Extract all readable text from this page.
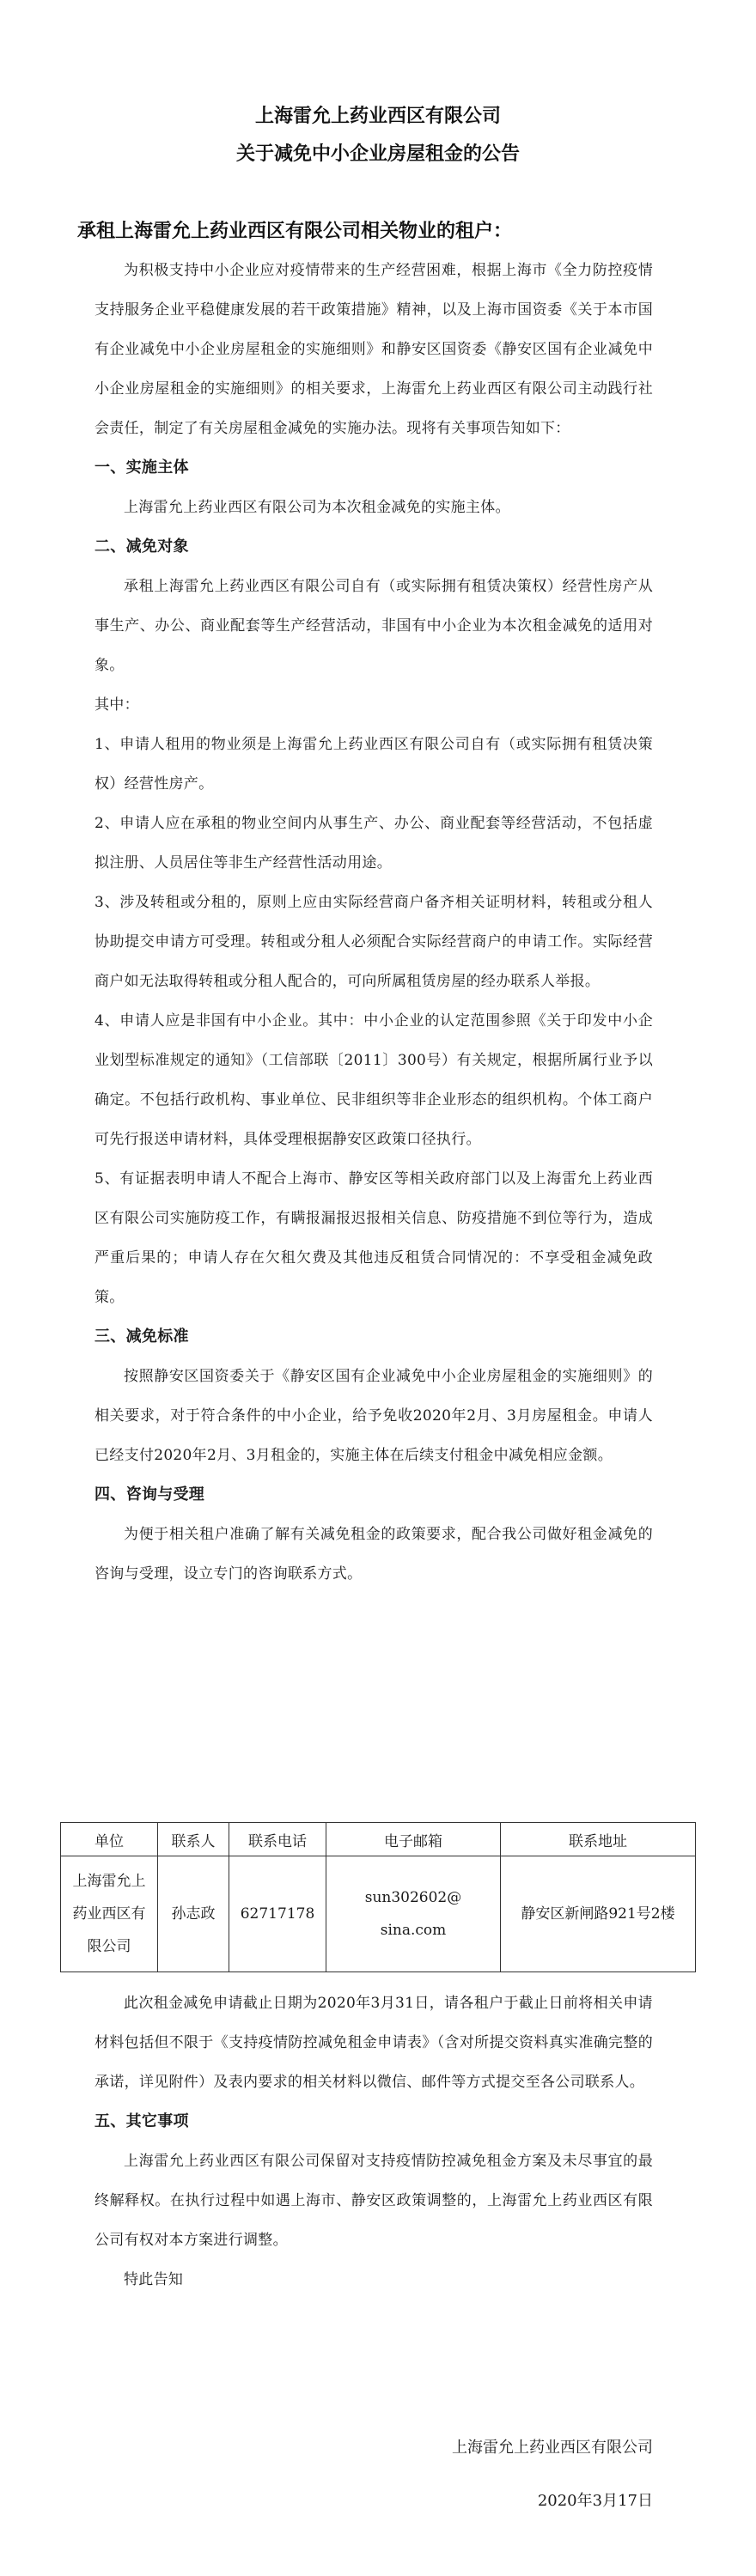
上海雷允上药业西区有限公司
关于减免中小企业房屋租金的公告
承租上海雷允上药业西区有限公司相关物业的租户：

为积极支持中小企业应对疫情带来的生产经营困难，根据上海市《全力防控疫情支持服务企业平稳健康发展的若干政策措施》精神，以及上海市国资委《关于本市国有企业减免中小企业房屋租金的实施细则》和静安区国资委《静安区国有企业减免中小企业房屋租金的实施细则》的相关要求，上海雷允上药业西区有限公司主动践行社会责任，制定了有关房屋租金减免的实施办法。现将有关事项告知如下：

一、实施主体

上海雷允上药业西区有限公司为本次租金减免的实施主体。

二、减免对象

承租上海雷允上药业西区有限公司自有（或实际拥有租赁决策权）经营性房产从事生产、办公、商业配套等生产经营活动，非国有中小企业为本次租金减免的适用对象。

其中：

1、申请人租用的物业须是上海雷允上药业西区有限公司自有（或实际拥有租赁决策权）经营性房产。

2、申请人应在承租的物业空间内从事生产、办公、商业配套等经营活动，不包括虚拟注册、人员居住等非生产经营性活动用途。

3、涉及转租或分租的，原则上应由实际经营商户备齐相关证明材料，转租或分租人协助提交申请方可受理。转租或分租人必须配合实际经营商户的申请工作。实际经营商户如无法取得转租或分租人配合的，可向所属租赁房屋的经办联系人举报。

4、申请人应是非国有中小企业。其中：中小企业的认定范围参照《关于印发中小企业划型标准规定的通知》（工信部联〔2011〕300号）有关规定，根据所属行业予以确定。不包括行政机构、事业单位、民非组织等非企业形态的组织机构。个体工商户可先行报送申请材料，具体受理根据静安区政策口径执行。

5、有证据表明申请人不配合上海市、静安区等相关政府部门以及上海雷允上药业西区有限公司实施防疫工作，有瞒报漏报迟报相关信息、防疫措施不到位等行为，造成严重后果的；申请人存在欠租欠费及其他违反租赁合同情况的：不享受租金减免政策。

三、减免标准

按照静安区国资委关于《静安区国有企业减免中小企业房屋租金的实施细则》的相关要求，对于符合条件的中小企业，给予免收2020年2月、3月房屋租金。申请人已经支付2020年2月、3月租金的，实施主体在后续支付租金中减免相应金额。

四、咨询与受理

为便于相关租户准确了解有关减免租金的政策要求，配合我公司做好租金减免的咨询与受理，设立专门的咨询联系方式。

单位	联系人	联系电话	电子邮箱	联系地址
上海雷允上药业西区有限公司	孙志政	62717178	sun302602@ sina.com	静安区新闸路921号2楼

此次租金减免申请截止日期为2020年3月31日，请各租户于截止日前将相关申请材料包括但不限于《支持疫情防控减免租金申请表》（含对所提交资料真实准确完整的承诺，详见附件）及表内要求的相关材料以微信、邮件等方式提交至各公司联系人。

五、其它事项

上海雷允上药业西区有限公司保留对支持疫情防控减免租金方案及未尽事宜的最终解释权。在执行过程中如遇上海市、静安区政策调整的，上海雷允上药业西区有限公司有权对本方案进行调整。

特此告知

上海雷允上药业西区有限公司
2020年3月17日
